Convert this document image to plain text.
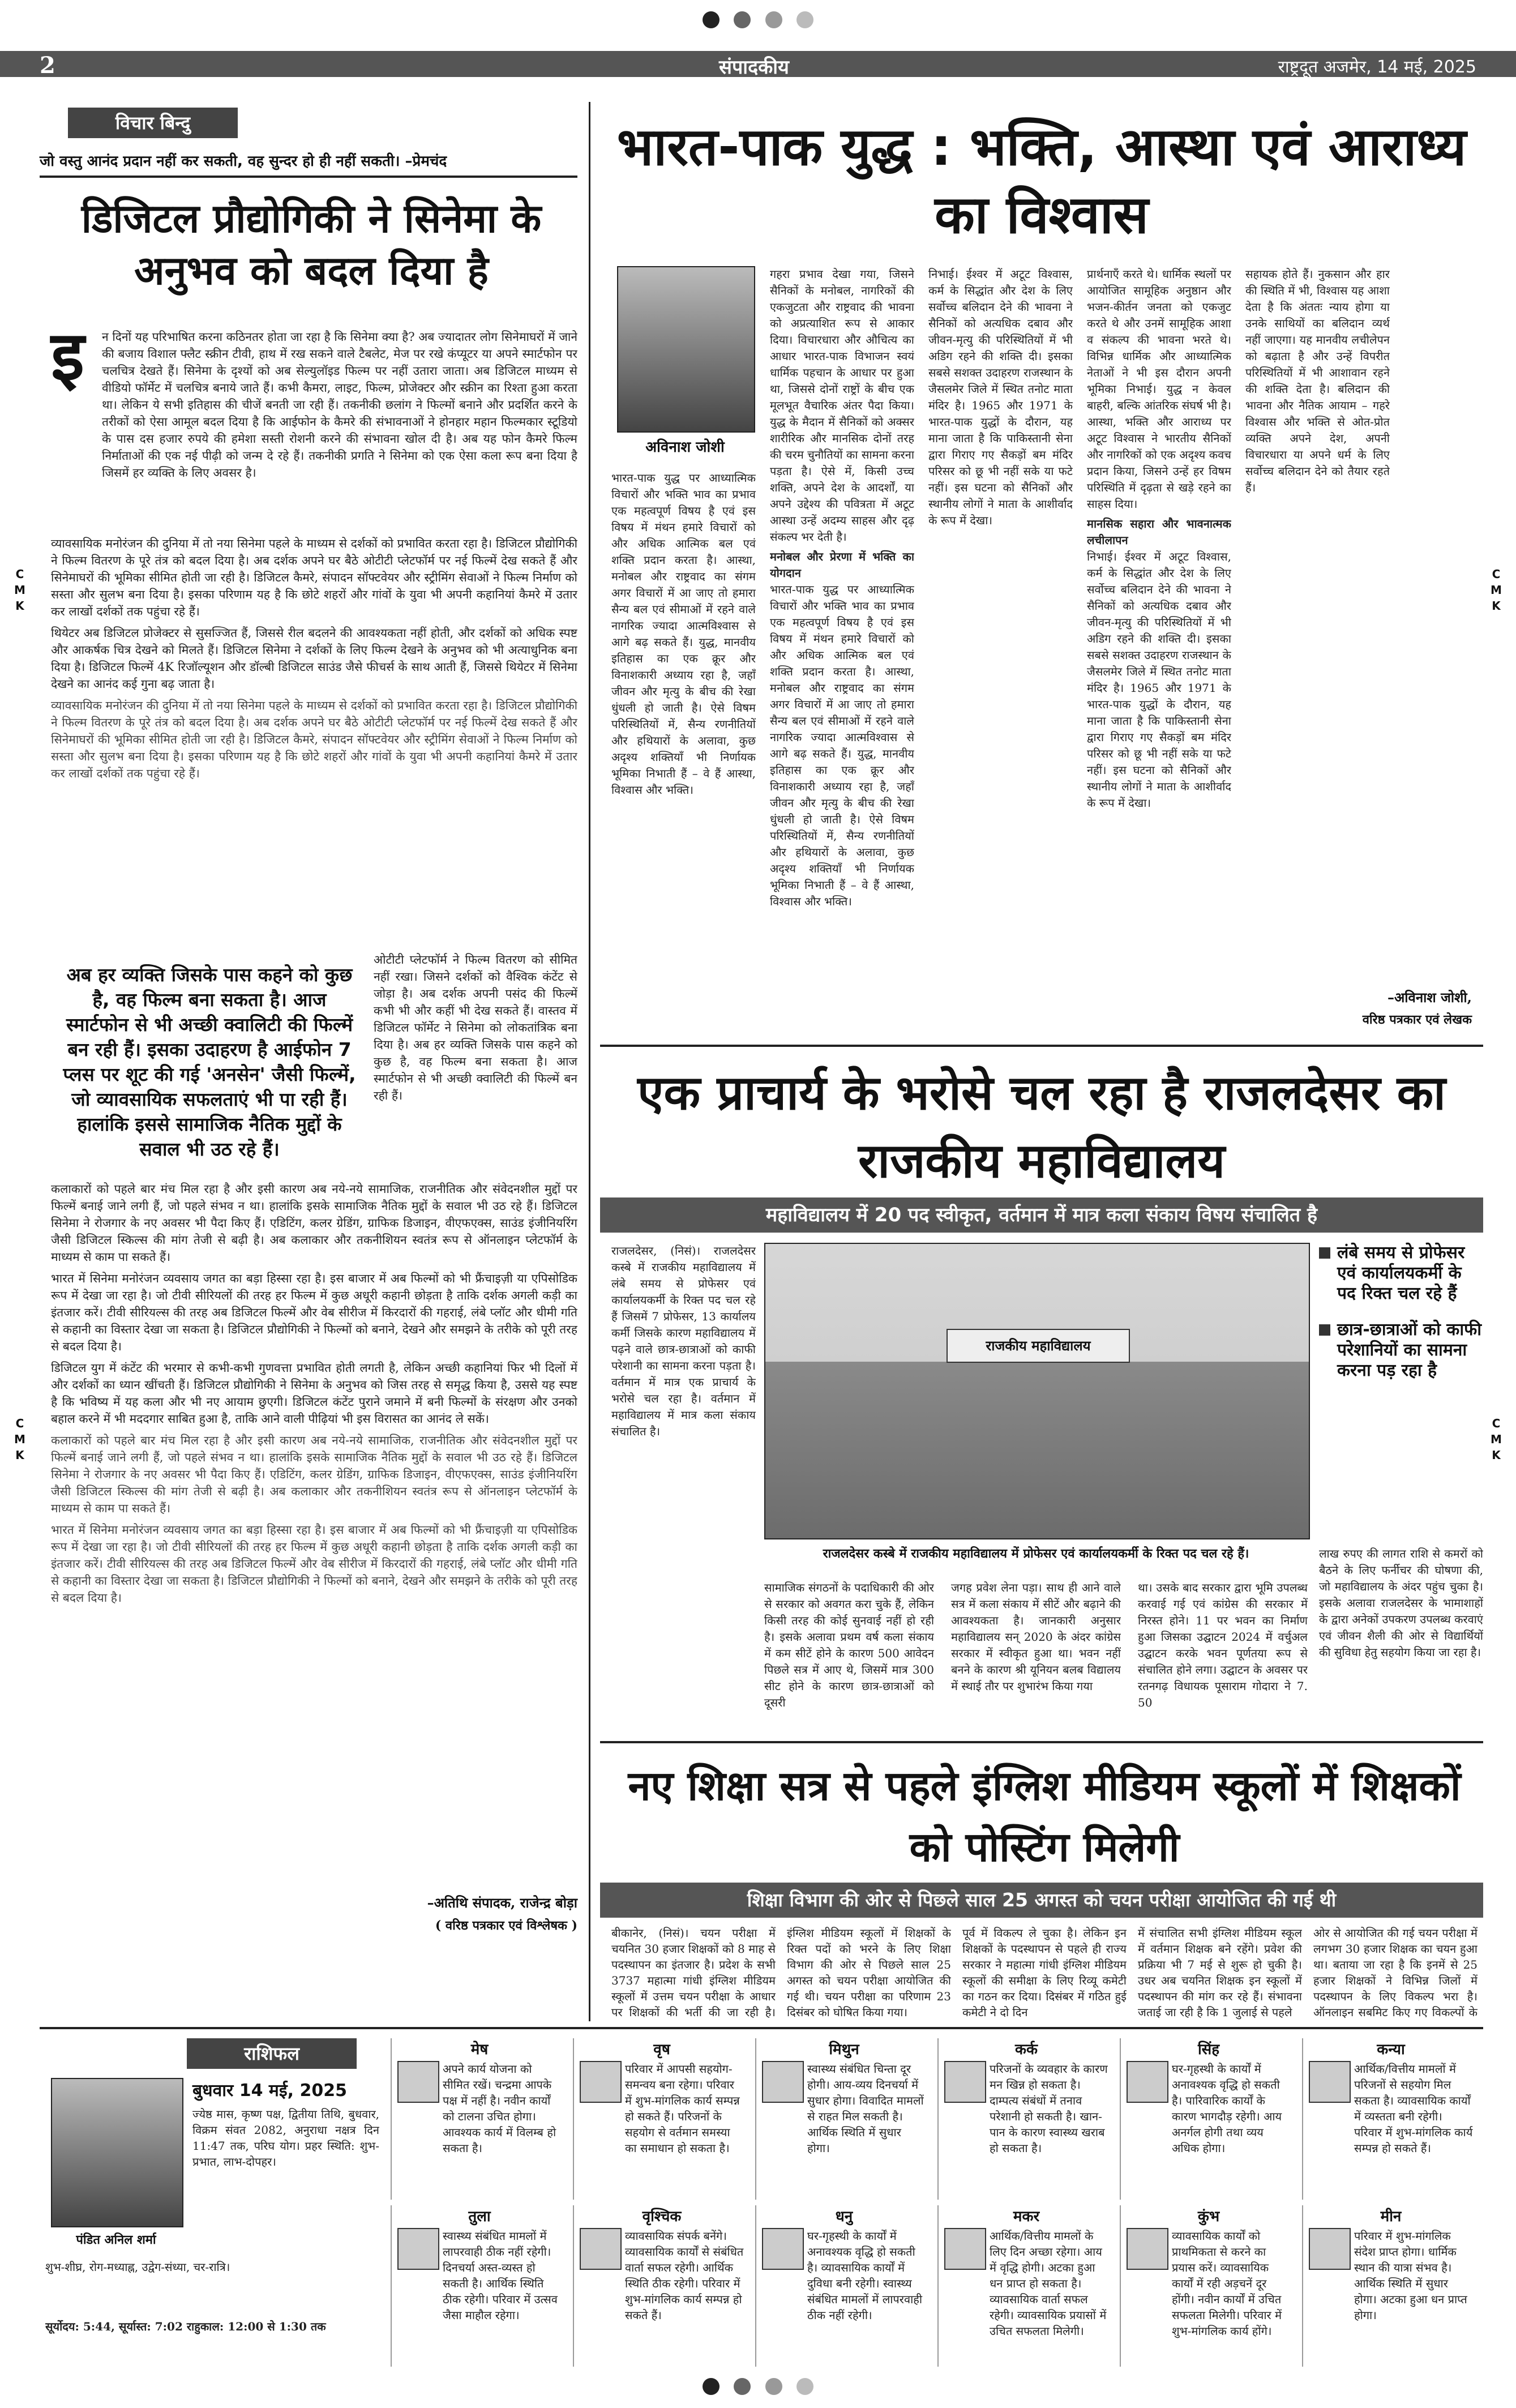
C
M
K
C
M
K
C
M
K
C
M
K
2	संपादकीय	राष्ट्रदूत अजमेर, 14 मई, 2025
विचार बिन्दु
जो वस्तु आनंद प्रदान नहीं कर सकती, वह सुन्दर हो ही नहीं सकती। –प्रेमचंद
डिजिटल प्रौद्योगिकी ने सिनेमा के अनुभव को बदल दिया है
इ न दिनों यह परिभाषित करना कठिनतर होता जा रहा है कि सिनेमा क्या है? अब ज्यादातर लोग सिनेमाघरों में जाने की बजाय विशाल फ्लैट स्क्रीन टीवी, हाथ में रख सकने वाले टैबलेट, मेज पर रखे कंप्यूटर या अपने स्मार्टफोन पर चलचित्र देखते हैं। सिनेमा के दृश्यों को अब सेल्युलॉइड फिल्म पर नहीं उतारा जाता। अब डिजिटल माध्यम से वीडियो फॉर्मेट में चलचित्र बनाये जाते हैं। कभी कैमरा, लाइट, फिल्म, प्रोजेक्टर और स्क्रीन का रिश्ता हुआ करता था। लेकिन ये सभी इतिहास की चीजें बनती जा रही हैं। तकनीकी छलांग ने फिल्मों बनाने और प्रदर्शित करने के तरीकों को ऐसा आमूल बदल दिया है कि आईफोन के कैमरे की संभावनाओं ने होनहार महान फिल्मकार स्टूडियो के पास दस हजार रुपये की हमेशा सस्ती रोशनी करने की संभावना खोल दी है। अब यह फोन कैमरे फिल्म निर्माताओं की एक नई पीढ़ी को जन्म दे रहे हैं। तकनीकी प्रगति ने सिनेमा को एक ऐसा कला रूप बना दिया है जिसमें हर व्यक्ति के लिए अवसर है।

व्यावसायिक मनोरंजन की दुनिया में तो नया सिनेमा पहले के माध्यम से दर्शकों को प्रभावित करता रहा है। डिजिटल प्रौद्योगिकी ने फिल्म वितरण के पूरे तंत्र को बदल दिया है। अब दर्शक अपने घर बैठे ओटीटी प्लेटफॉर्म पर नई फिल्में देख सकते हैं और सिनेमाघरों की भूमिका सीमित होती जा रही है। डिजिटल कैमरे, संपादन सॉफ्टवेयर और स्ट्रीमिंग सेवाओं ने फिल्म निर्माण को सस्ता और सुलभ बना दिया है। इसका परिणाम यह है कि छोटे शहरों और गांवों के युवा भी अपनी कहानियां कैमरे में उतार कर लाखों दर्शकों तक पहुंचा रहे हैं।

थियेटर अब डिजिटल प्रोजेक्टर से सुसज्जित हैं, जिससे रील बदलने की आवश्यकता नहीं होती, और दर्शकों को अधिक स्पष्ट और आकर्षक चित्र देखने को मिलते हैं। डिजिटल सिनेमा ने दर्शकों के लिए फिल्म देखने के अनुभव को भी अत्याधुनिक बना दिया है। डिजिटल फिल्में 4K रिजॉल्यूशन और डॉल्बी डिजिटल साउंड जैसे फीचर्स के साथ आती हैं, जिससे थियेटर में सिनेमा देखने का आनंद कई गुना बढ़ जाता है।

व्यावसायिक मनोरंजन की दुनिया में तो नया सिनेमा पहले के माध्यम से दर्शकों को प्रभावित करता रहा है। डिजिटल प्रौद्योगिकी ने फिल्म वितरण के पूरे तंत्र को बदल दिया है। अब दर्शक अपने घर बैठे ओटीटी प्लेटफॉर्म पर नई फिल्में देख सकते हैं और सिनेमाघरों की भूमिका सीमित होती जा रही है। डिजिटल कैमरे, संपादन सॉफ्टवेयर और स्ट्रीमिंग सेवाओं ने फिल्म निर्माण को सस्ता और सुलभ बना दिया है। इसका परिणाम यह है कि छोटे शहरों और गांवों के युवा भी अपनी कहानियां कैमरे में उतार कर लाखों दर्शकों तक पहुंचा रहे हैं।

अब हर व्यक्ति जिसके पास कहने को कुछ है, वह फिल्म बना सकता है। आज स्मार्टफोन से भी अच्छी क्वालिटी की फिल्में बन रही हैं। इसका उदाहरण है आईफोन 7 प्लस पर शूट की गई 'अनसेन' जैसी फिल्में, जो व्यावसायिक सफलताएं भी पा रही हैं। हालांकि इससे सामाजिक नैतिक मुद्दों के सवाल भी उठ रहे हैं।
ओटीटी प्लेटफॉर्म ने फिल्म वितरण को सीमित नहीं रखा। जिसने दर्शकों को वैश्विक कंटेंट से जोड़ा है। अब दर्शक अपनी पसंद की फिल्में कभी भी और कहीं भी देख सकते हैं। वास्तव में डिजिटल फॉर्मेट ने सिनेमा को लोकतांत्रिक बना दिया है। अब हर व्यक्ति जिसके पास कहने को कुछ है, वह फिल्म बना सकता है। आज स्मार्टफोन से भी अच्छी क्वालिटी की फिल्में बन रही हैं।

कलाकारों को पहले बार मंच मिल रहा है और इसी कारण अब नये-नये सामाजिक, राजनीतिक और संवेदनशील मुद्दों पर फिल्में बनाई जाने लगी हैं, जो पहले संभव न था। हालांकि इसके सामाजिक नैतिक मुद्दों के सवाल भी उठ रहे हैं। डिजिटल सिनेमा ने रोजगार के नए अवसर भी पैदा किए हैं। एडिटिंग, कलर ग्रेडिंग, ग्राफिक डिजाइन, वीएफएक्स, साउंड इंजीनियरिंग जैसी डिजिटल स्किल्स की मांग तेजी से बढ़ी है। अब कलाकार और तकनीशियन स्वतंत्र रूप से ऑनलाइन प्लेटफॉर्म के माध्यम से काम पा सकते हैं।

भारत में सिनेमा मनोरंजन व्यवसाय जगत का बड़ा हिस्सा रहा है। इस बाजार में अब फिल्मों को भी फ्रैंचाइज़ी या एपिसोडिक रूप में देखा जा रहा है। जो टीवी सीरियलों की तरह हर फिल्म में कुछ अधूरी कहानी छोड़ता है ताकि दर्शक अगली कड़ी का इंतजार करें। टीवी सीरियल्स की तरह अब डिजिटल फिल्में और वेब सीरीज में किरदारों की गहराई, लंबे प्लॉट और धीमी गति से कहानी का विस्तार देखा जा सकता है। डिजिटल प्रौद्योगिकी ने फिल्मों को बनाने, देखने और समझने के तरीके को पूरी तरह से बदल दिया है।

डिजिटल युग में कंटेंट की भरमार से कभी-कभी गुणवत्ता प्रभावित होती लगती है, लेकिन अच्छी कहानियां फिर भी दिलों में और दर्शकों का ध्यान खींचती हैं। डिजिटल प्रौद्योगिकी ने सिनेमा के अनुभव को जिस तरह से समृद्ध किया है, उससे यह स्पष्ट है कि भविष्य में यह कला और भी नए आयाम छुएगी। डिजिटल कंटेंट पुराने जमाने में बनी फिल्मों के संरक्षण और उनको बहाल करने में भी मददगार साबित हुआ है, ताकि आने वाली पीढ़ियां भी इस विरासत का आनंद ले सकें।

कलाकारों को पहले बार मंच मिल रहा है और इसी कारण अब नये-नये सामाजिक, राजनीतिक और संवेदनशील मुद्दों पर फिल्में बनाई जाने लगी हैं, जो पहले संभव न था। हालांकि इसके सामाजिक नैतिक मुद्दों के सवाल भी उठ रहे हैं। डिजिटल सिनेमा ने रोजगार के नए अवसर भी पैदा किए हैं। एडिटिंग, कलर ग्रेडिंग, ग्राफिक डिजाइन, वीएफएक्स, साउंड इंजीनियरिंग जैसी डिजिटल स्किल्स की मांग तेजी से बढ़ी है। अब कलाकार और तकनीशियन स्वतंत्र रूप से ऑनलाइन प्लेटफॉर्म के माध्यम से काम पा सकते हैं।

भारत में सिनेमा मनोरंजन व्यवसाय जगत का बड़ा हिस्सा रहा है। इस बाजार में अब फिल्मों को भी फ्रैंचाइज़ी या एपिसोडिक रूप में देखा जा रहा है। जो टीवी सीरियलों की तरह हर फिल्म में कुछ अधूरी कहानी छोड़ता है ताकि दर्शक अगली कड़ी का इंतजार करें। टीवी सीरियल्स की तरह अब डिजिटल फिल्में और वेब सीरीज में किरदारों की गहराई, लंबे प्लॉट और धीमी गति से कहानी का विस्तार देखा जा सकता है। डिजिटल प्रौद्योगिकी ने फिल्मों को बनाने, देखने और समझने के तरीके को पूरी तरह से बदल दिया है।

–अतिथि संपादक, राजेन्द्र बोड़ा
( वरिष्ठ पत्रकार एवं विश्लेषक )
भारत-पाक युद्ध : भक्ति, आस्था एवं आराध्य का विश्वास
अविनाश जोशी
भारत-पाक युद्ध पर आध्यात्मिक विचारों और भक्ति भाव का प्रभाव एक महत्वपूर्ण विषय है एवं इस विषय में मंथन हमारे विचारों को और अधिक आत्मिक बल एवं शक्ति प्रदान करता है। आस्था, मनोबल और राष्ट्रवाद का संगम अगर विचारों में आ जाए तो हमारा सैन्य बल एवं सीमाओं में रहने वाले नागरिक ज्यादा आत्मविश्वास से आगे बढ़ सकते हैं। युद्ध, मानवीय इतिहास का एक क्रूर और विनाशकारी अध्याय रहा है, जहाँ जीवन और मृत्यु के बीच की रेखा धुंधली हो जाती है। ऐसे विषम परिस्थितियों में, सैन्य रणनीतियों और हथियारों के अलावा, कुछ अदृश्य शक्तियाँ भी निर्णायक भूमिका निभाती हैं – वे हैं आस्था, विश्वास और भक्ति।
गहरा प्रभाव देखा गया, जिसने सैनिकों के मनोबल, नागरिकों की एकजुटता और राष्ट्रवाद की भावना को अप्रत्याशित रूप से आकार दिया। विचारधारा और औचित्य का आधार भारत-पाक विभाजन स्वयं धार्मिक पहचान के आधार पर हुआ था, जिससे दोनों राष्ट्रों के बीच एक मूलभूत वैचारिक अंतर पैदा किया। युद्ध के मैदान में सैनिकों को अक्सर शारीरिक और मानसिक दोनों तरह की चरम चुनौतियों का सामना करना पड़ता है। ऐसे में, किसी उच्च शक्ति, अपने देश के आदर्शों, या अपने उद्देश्य की पवित्रता में अटूट आस्था उन्हें अदम्य साहस और दृढ़ संकल्प भर देती है।
मनोबल और प्रेरणा में भक्ति का योगदान
भारत-पाक युद्ध पर आध्यात्मिक विचारों और भक्ति भाव का प्रभाव एक महत्वपूर्ण विषय है एवं इस विषय में मंथन हमारे विचारों को और अधिक आत्मिक बल एवं शक्ति प्रदान करता है। आस्था, मनोबल और राष्ट्रवाद का संगम अगर विचारों में आ जाए तो हमारा सैन्य बल एवं सीमाओं में रहने वाले नागरिक ज्यादा आत्मविश्वास से आगे बढ़ सकते हैं। युद्ध, मानवीय इतिहास का एक क्रूर और विनाशकारी अध्याय रहा है, जहाँ जीवन और मृत्यु के बीच की रेखा धुंधली हो जाती है। ऐसे विषम परिस्थितियों में, सैन्य रणनीतियों और हथियारों के अलावा, कुछ अदृश्य शक्तियाँ भी निर्णायक भूमिका निभाती हैं – वे हैं आस्था, विश्वास और भक्ति।
निभाई। ईश्वर में अटूट विश्वास, कर्म के सिद्धांत और देश के लिए सर्वोच्च बलिदान देने की भावना ने सैनिकों को अत्यधिक दबाव और जीवन-मृत्यु की परिस्थितियों में भी अडिग रहने की शक्ति दी। इसका सबसे सशक्त उदाहरण राजस्थान के जैसलमेर जिले में स्थित तनोट माता मंदिर है। 1965 और 1971 के भारत-पाक युद्धों के दौरान, यह माना जाता है कि पाकिस्तानी सेना द्वारा गिराए गए सैकड़ों बम मंदिर परिसर को छू भी नहीं सके या फटे नहीं। इस घटना को सैनिकों और स्थानीय लोगों ने माता के आशीर्वाद के रूप में देखा।
प्रार्थनाएँ करते थे। धार्मिक स्थलों पर आयोजित सामूहिक अनुष्ठान और भजन-कीर्तन जनता को एकजुट करते थे और उनमें सामूहिक आशा व संकल्प की भावना भरते थे। विभिन्न धार्मिक और आध्यात्मिक नेताओं ने भी इस दौरान अपनी भूमिका निभाई। युद्ध न केवल बाहरी, बल्कि आंतरिक संघर्ष भी है। आस्था, भक्ति और आराध्य पर अटूट विश्वास ने भारतीय सैनिकों और नागरिकों को एक अदृश्य कवच प्रदान किया, जिसने उन्हें हर विषम परिस्थिति में दृढ़ता से खड़े रहने का साहस दिया।
मानसिक सहारा और भावनात्मक लचीलापन
निभाई। ईश्वर में अटूट विश्वास, कर्म के सिद्धांत और देश के लिए सर्वोच्च बलिदान देने की भावना ने सैनिकों को अत्यधिक दबाव और जीवन-मृत्यु की परिस्थितियों में भी अडिग रहने की शक्ति दी। इसका सबसे सशक्त उदाहरण राजस्थान के जैसलमेर जिले में स्थित तनोट माता मंदिर है। 1965 और 1971 के भारत-पाक युद्धों के दौरान, यह माना जाता है कि पाकिस्तानी सेना द्वारा गिराए गए सैकड़ों बम मंदिर परिसर को छू भी नहीं सके या फटे नहीं। इस घटना को सैनिकों और स्थानीय लोगों ने माता के आशीर्वाद के रूप में देखा।
सहायक होते हैं। नुकसान और हार की स्थिति में भी, विश्वास यह आशा देता है कि अंततः न्याय होगा या उनके साथियों का बलिदान व्यर्थ नहीं जाएगा। यह मानवीय लचीलेपन को बढ़ाता है और उन्हें विपरीत परिस्थितियों में भी आशावान रहने की शक्ति देता है। बलिदान की भावना और नैतिक आयाम – गहरे विश्वास और भक्ति से ओत-प्रोत व्यक्ति अपने देश, अपनी विचारधारा या अपने धर्म के लिए सर्वोच्च बलिदान देने को तैयार रहते हैं।
–अविनाश जोशी,
वरिष्ठ पत्रकार एवं लेखक
एक प्राचार्य के भरोसे चल रहा है राजलदेसर का राजकीय महाविद्यालय
महाविद्यालय में 20 पद स्वीकृत, वर्तमान में मात्र कला संकाय विषय संचालित है
राजलदेसर, (निसं)। राजलदेसर कस्बे में राजकीय महाविद्यालय में लंबे समय से प्रोफेसर एवं कार्यालयकर्मी के रिक्त पद चल रहे हैं जिसमें 7 प्रोफेसर, 13 कार्यालय कर्मी जिसके कारण महाविद्यालय में पढ़ने वाले छात्र-छात्राओं को काफी परेशानी का सामना करना पड़ता है। वर्तमान में मात्र एक प्राचार्य के भरोसे चल रहा है। वर्तमान में महाविद्यालय में मात्र कला संकाय संचालित है।
राजकीय महाविद्यालय
राजलदेसर कस्बे में राजकीय महाविद्यालय में प्रोफेसर एवं कार्यालयकर्मी के रिक्त पद चल रहे हैं।
लंबे समय से प्रोफेसर एवं कार्यालयकर्मी के पद रिक्त चल रहे हैं
छात्र-छात्राओं को काफी परेशानियों का सामना करना पड़ रहा है
लाख रुपए की लागत राशि से कमरों को बैठने के लिए फर्नीचर की घोषणा की, जो महाविद्यालय के अंदर पहुंच चुका है। इसके अलावा राजलदेसर के भामाशाहों के द्वारा अनेकों उपकरण उपलब्ध करवाएं एवं जीवन शैली की ओर से विद्यार्थियों की सुविधा हेतु सहयोग किया जा रहा है।
सामाजिक संगठनों के पदाधिकारी की ओर से सरकार को अवगत करा चुके हैं, लेकिन किसी तरह की कोई सुनवाई नहीं हो रही है। इसके अलावा प्रथम वर्ष कला संकाय में कम सीटें होने के कारण 500 आवेदन पिछले सत्र में आए थे, जिसमें मात्र 300 सीट होने के कारण छात्र-छात्राओं को दूसरी
जगह प्रवेश लेना पड़ा। साथ ही आने वाले सत्र में कला संकाय में सीटें और बढ़ाने की आवश्यकता है। जानकारी अनुसार महाविद्यालय सन् 2020 के अंदर कांग्रेस सरकार में स्वीकृत हुआ था। भवन नहीं बनने के कारण श्री यूनियन बलब विद्यालय में स्थाई तौर पर शुभारंभ किया गया
था। उसके बाद सरकार द्वारा भूमि उपलब्ध करवाई गई एवं कांग्रेस की सरकार में निरस्त होने। 11 पर भवन का निर्माण हुआ जिसका उद्घाटन 2024 में वर्चुअल उद्घाटन करके भवन पूर्णतया रूप से संचालित होने लगा। उद्घाटन के अवसर पर रतनगढ़ विधायक पूसाराम गोदारा ने 7. 50
नए शिक्षा सत्र से पहले इंग्लिश मीडियम स्कूलों में शिक्षकों को पोस्टिंग मिलेगी
शिक्षा विभाग की ओर से पिछले साल 25 अगस्त को चयन परीक्षा आयोजित की गई थी
बीकानेर, (निसं)। चयन परीक्षा में चयनित 30 हजार शिक्षकों को 8 माह से पदस्थापन का इंतजार है। प्रदेश के सभी 3737 महात्मा गांधी इंग्लिश मीडियम स्कूलों में उत्तम चयन परीक्षा के आधार पर शिक्षकों की भर्ती की जा रही है।
इंग्लिश मीडियम स्कूलों में शिक्षकों के रिक्त पदों को भरने के लिए शिक्षा विभाग की ओर से पिछले साल 25 अगस्त को चयन परीक्षा आयोजित की गई थी। चयन परीक्षा का परिणाम 23 दिसंबर को घोषित किया गया।
पूर्व में विकल्प ले चुका है। लेकिन इन शिक्षकों के पदस्थापन से पहले ही राज्य सरकार ने महात्मा गांधी इंग्लिश मीडियम स्कूलों की समीक्षा के लिए रिव्यू कमेटी का गठन कर दिया। दिसंबर में गठित हुई कमेटी ने दो दिन
में संचालित सभी इंग्लिश मीडियम स्कूल में वर्तमान शिक्षक बने रहेंगे। प्रवेश की प्रक्रिया भी 7 मई से शुरू हो चुकी है। उधर अब चयनित शिक्षक इन स्कूलों में पदस्थापन की मांग कर रहे हैं। संभावना जताई जा रही है कि 1 जुलाई से पहले
ओर से आयोजित की गई चयन परीक्षा में लगभग 30 हजार शिक्षक का चयन हुआ था। बताया जा रहा है कि इनमें से 25 हजार शिक्षकों ने विभिन्न जिलों में पदस्थापन के लिए विकल्प भरा है। ऑनलाइन सबमिट किए गए विकल्पों के
राशिफल
पंडित अनिल शर्मा
बुधवार 14 मई, 2025
ज्येष्ठ मास, कृष्ण पक्ष, द्वितीया तिथि, बुधवार, विक्रम संवत 2082, अनुराधा नक्षत्र दिन 11:47 तक, परिघ योग। प्रहर स्थिति: शुभ-प्रभात, लाभ-दोपहर।
शुभ-शीघ्र, रोग-मध्याह्न, उद्वेग-संध्या, चर-रात्रि।
सूर्योदय: 5:44, सूर्यास्त: 7:02 राहुकाल: 12:00 से 1:30 तक
मेष
अपने कार्य योजना को सीमित रखें। चन्द्रमा आपके पक्ष में नहीं है। नवीन कार्यों को टालना उचित होगा। आवश्यक कार्य में विलम्ब हो सकता है।
वृष
परिवार में आपसी सहयोग-समन्वय बना रहेगा। परिवार में शुभ-मांगलिक कार्य सम्पन्न हो सकते हैं। परिजनों के सहयोग से वर्तमान समस्या का समाधान हो सकता है।
मिथुन
स्वास्थ्य संबंधित चिन्ता दूर होगी। आय-व्यय दिनचर्या में सुधार होगा। विवादित मामलों से राहत मिल सकती है। आर्थिक स्थिति में सुधार होगा।
कर्क
परिजनों के व्यवहार के कारण मन खिन्न हो सकता है। दाम्पत्य संबंधों में तनाव परेशानी हो सकती है। खान-पान के कारण स्वास्थ्य खराब हो सकता है।
सिंह
घर-गृहस्थी के कार्यों में अनावश्यक वृद्धि हो सकती है। पारिवारिक कार्यों के कारण भागदौड़ रहेगी। आय अनर्गल होगी तथा व्यय अधिक होगा।
कन्या
आर्थिक/वित्तीय मामलों में परिजनों से सहयोग मिल सकता है। व्यावसायिक कार्यों में व्यस्तता बनी रहेगी। परिवार में शुभ-मांगलिक कार्य सम्पन्न हो सकते हैं।
तुला
स्वास्थ्य संबंधित मामलों में लापरवाही ठीक नहीं रहेगी। दिनचर्या अस्त-व्यस्त हो सकती है। आर्थिक स्थिति ठीक रहेगी। परिवार में उत्सव जैसा माहौल रहेगा।
वृश्चिक
व्यावसायिक संपर्क बनेंगे। व्यावसायिक कार्यों से संबंधित वार्ता सफल रहेगी। आर्थिक स्थिति ठीक रहेगी। परिवार में शुभ-मांगलिक कार्य सम्पन्न हो सकते हैं।
धनु
घर-गृहस्थी के कार्यों में अनावश्यक वृद्धि हो सकती है। व्यावसायिक कार्यों में दुविधा बनी रहेगी। स्वास्थ्य संबंधित मामलों में लापरवाही ठीक नहीं रहेगी।
मकर
आर्थिक/वित्तीय मामलों के लिए दिन अच्छा रहेगा। आय में वृद्धि होगी। अटका हुआ धन प्राप्त हो सकता है। व्यावसायिक वार्ता सफल रहेगी। व्यावसायिक प्रयासों में उचित सफलता मिलेगी।
कुंभ
व्यावसायिक कार्यों को प्राथमिकता से करने का प्रयास करें। व्यावसायिक कार्यों में रही अड़चनें दूर होंगी। नवीन कार्यों में उचित सफलता मिलेगी। परिवार में शुभ-मांगलिक कार्य होंगे।
मीन
परिवार में शुभ-मांगलिक संदेश प्राप्त होगा। धार्मिक स्थान की यात्रा संभव है। आर्थिक स्थिति में सुधार होगा। अटका हुआ धन प्राप्त होगा।
